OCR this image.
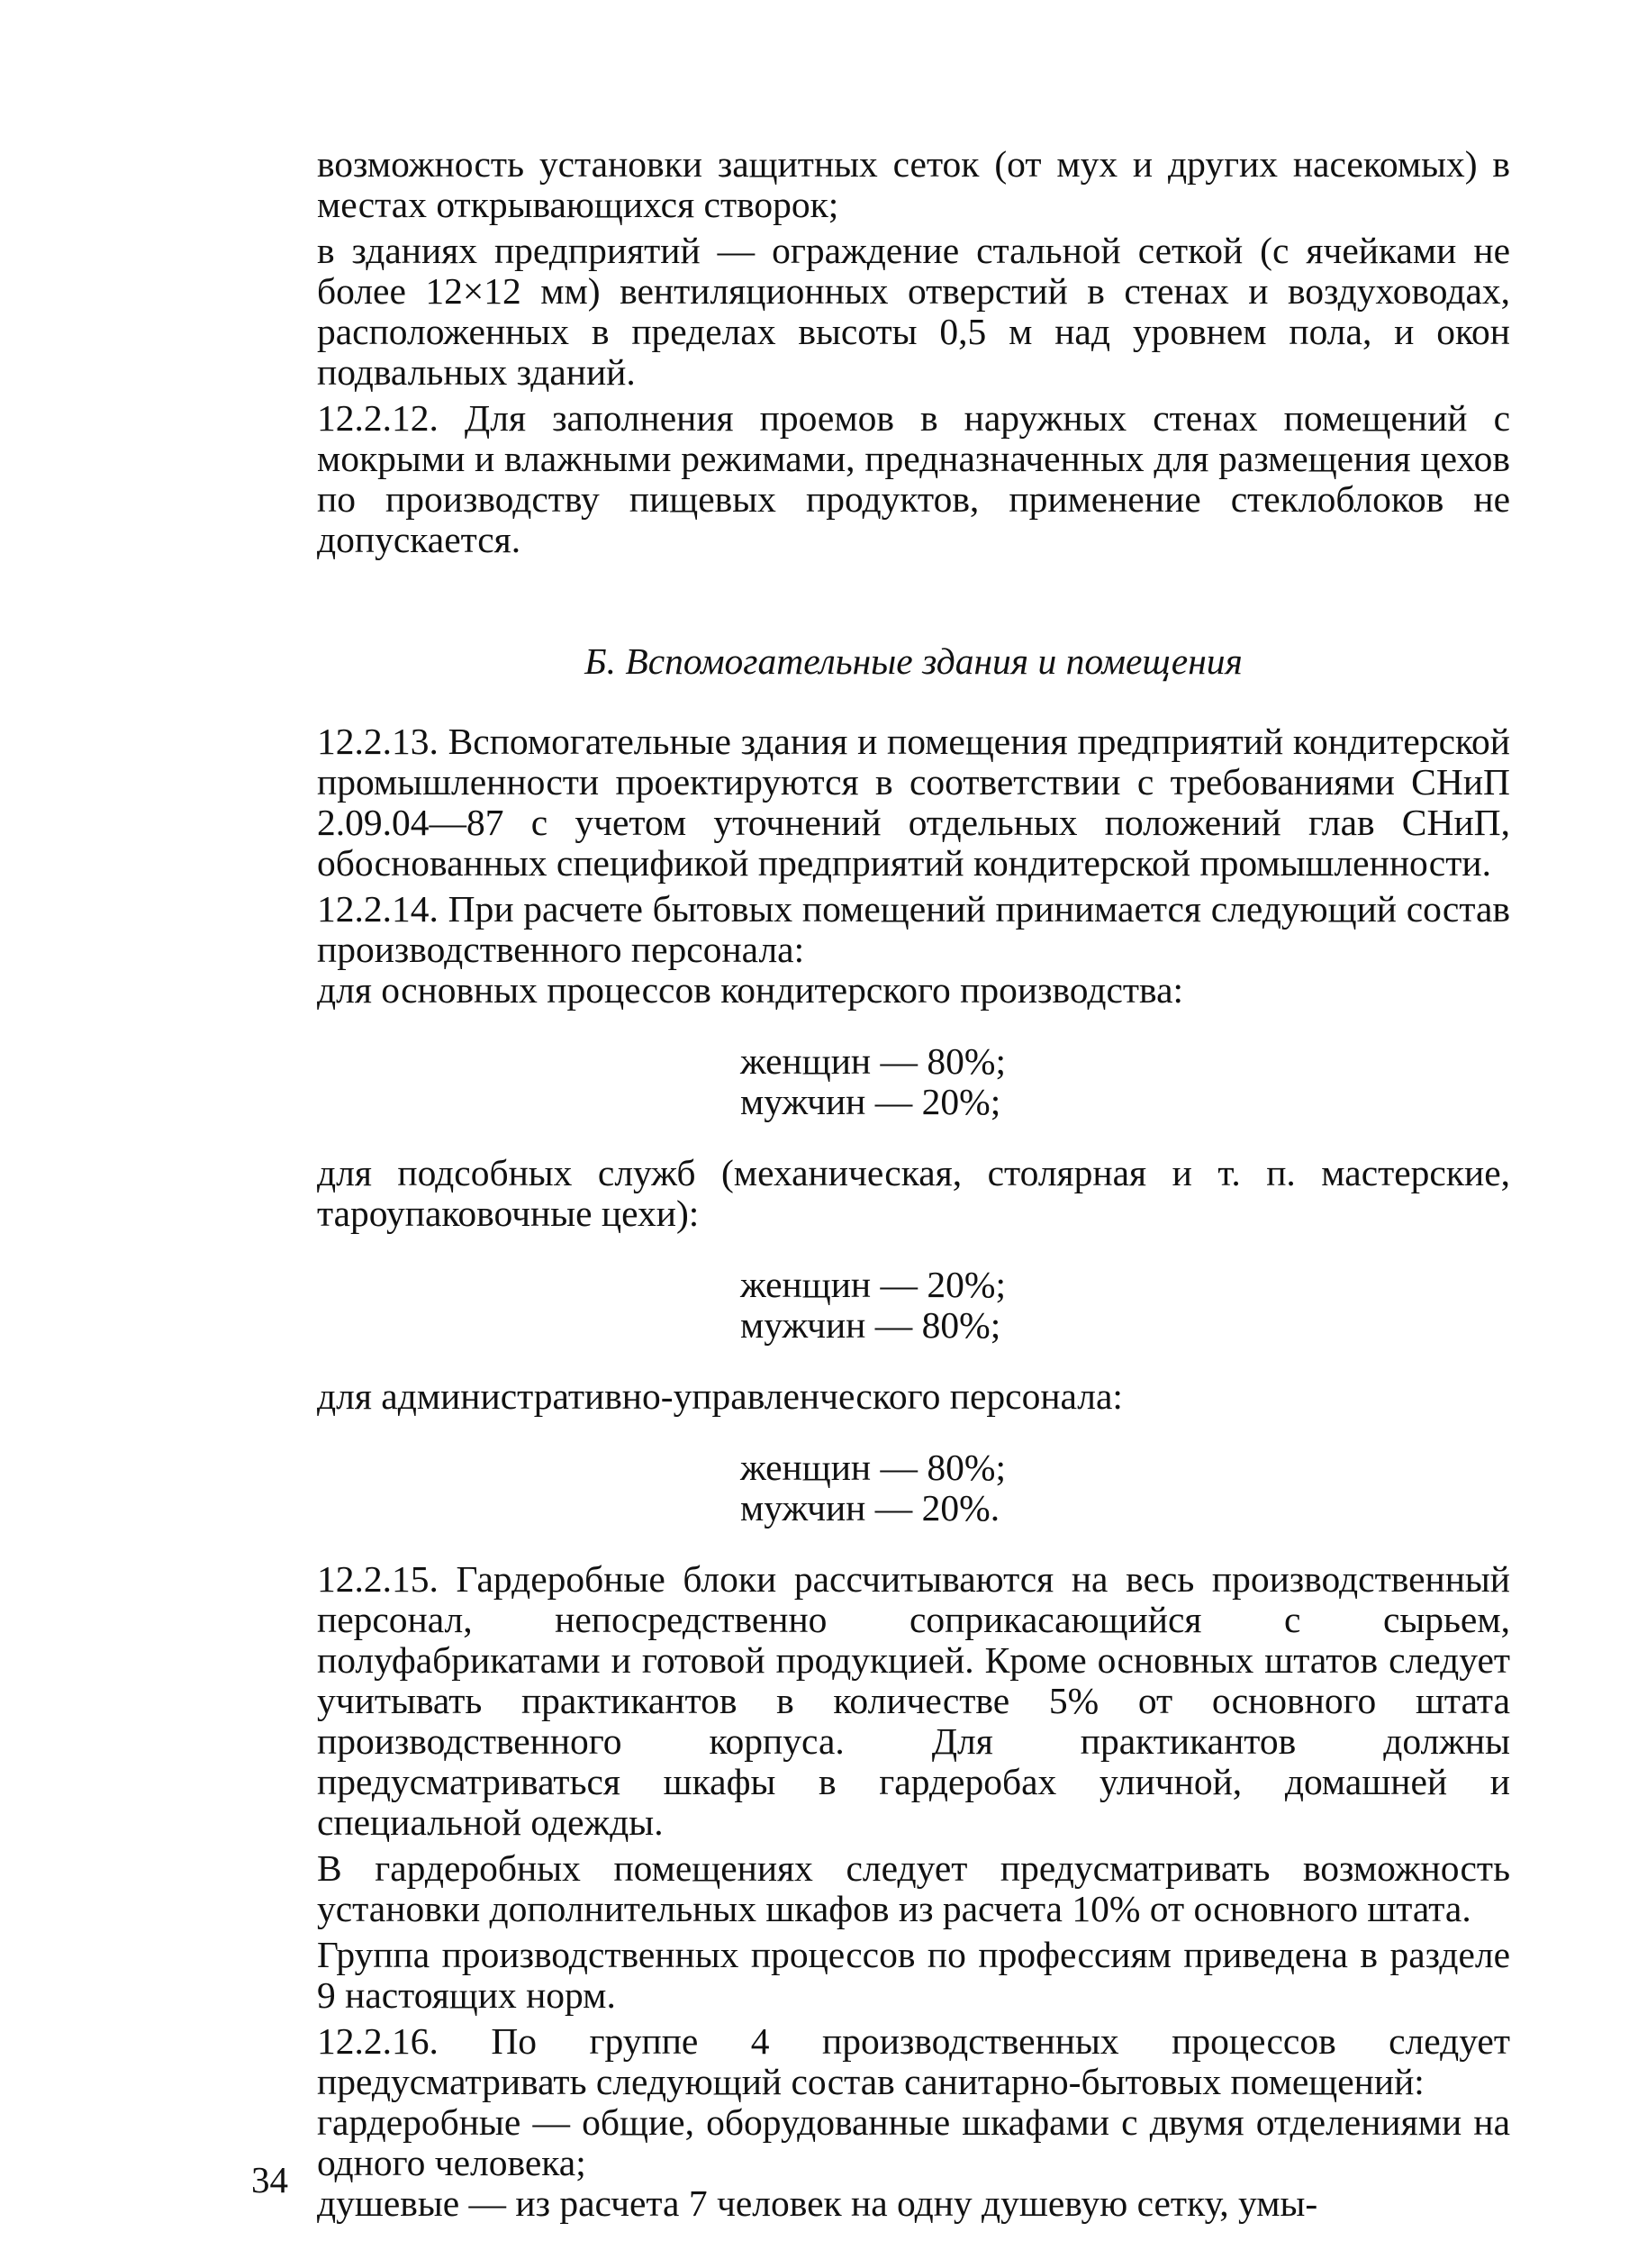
возможность установки защитных сеток (от мух и других насекомых) в местах открывающихся створок;

в зданиях предприятий — ограждение стальной сеткой (с ячейками не более 12×12 мм) вентиляционных отверстий в стенах и воздуховодах, расположенных в пределах высоты 0,5 м над уровнем пола, и окон подвальных зданий.

12.2.12. Для заполнения проемов в наружных стенах помещений с мокрыми и влажными режимами, предназначенных для размещения цехов по производству пищевых продуктов, применение стеклоблоков не допускается.

Б. Вспомогательные здания и помещения

12.2.13. Вспомогательные здания и помещения предприятий кондитерской промышленности проектируются в соответствии с требованиями СНиП 2.09.04—87 с учетом уточнений отдельных положений глав СНиП, обоснованных спецификой предприятий кондитерской промышленности.

12.2.14. При расчете бытовых помещений принимается следующий состав производственного персонала:

для основных процессов кондитерского производства:

женщин — 80%;
мужчин — 20%;

для подсобных служб (механическая, столярная и т. п. мастерские, тароупаковочные цехи):

женщин — 20%;
мужчин — 80%;

для административно-управленческого персонала:

женщин — 80%;
мужчин — 20%.

12.2.15. Гардеробные блоки рассчитываются на весь производственный персонал, непосредственно соприкасающийся с сырьем, полуфабрикатами и готовой продукцией. Кроме основных штатов следует учитывать практикантов в количестве 5% от основного штата производственного корпуса. Для практикантов должны предусматриваться шкафы в гардеробах уличной, домашней и специальной одежды.

В гардеробных помещениях следует предусматривать возможность установки дополнительных шкафов из расчета 10% от основного штата.

Группа производственных процессов по профессиям приведена в разделе 9 настоящих норм.

12.2.16. По группе 4 производственных процессов следует предусматривать следующий состав санитарно-бытовых помещений:

гардеробные — общие, оборудованные шкафами с двумя отделениями на одного человека;

душевые — из расчета 7 человек на одну душевую сетку, умы-

34
